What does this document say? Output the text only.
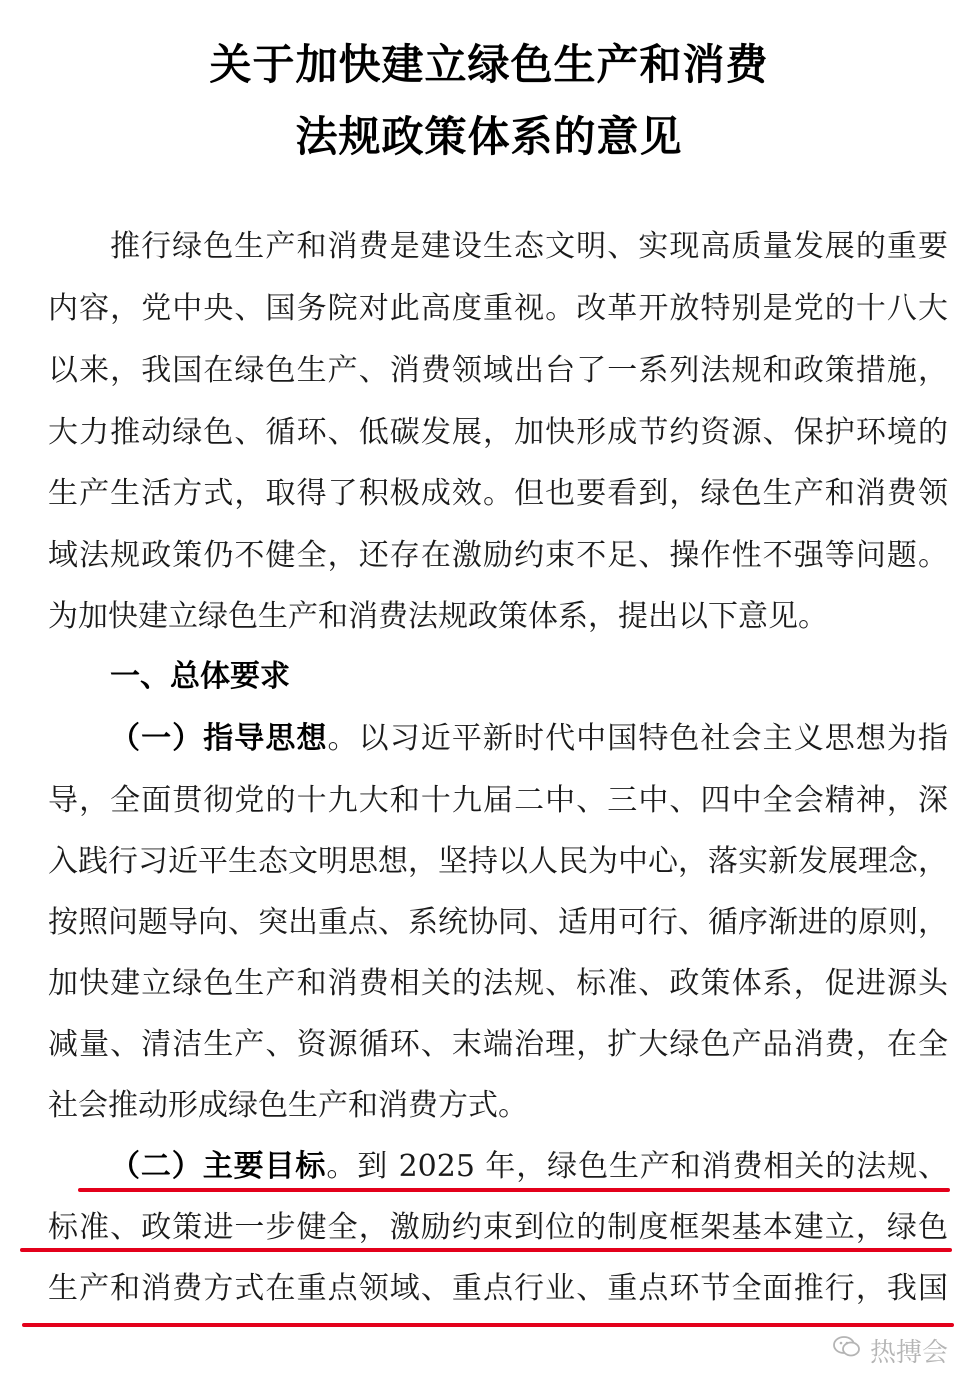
关于加快建立绿色生产和消费
法规政策体系的意见
推行绿色生产和消费是建设生态文明、实现高质量发展的重要
内容，党中央、国务院对此高度重视。改革开放特别是党的十八大
以来，我国在绿色生产、消费领域出台了一系列法规和政策措施，
大力推动绿色、循环、低碳发展，加快形成节约资源、保护环境的
生产生活方式，取得了积极成效。但也要看到，绿色生产和消费领
域法规政策仍不健全，还存在激励约束不足、操作性不强等问题。
为加快建立绿色生产和消费法规政策体系，提出以下意见。
一、总体要求
（一）指导思想。以习近平新时代中国特色社会主义思想为指
导，全面贯彻党的十九大和十九届二中、三中、四中全会精神，深
入践行习近平生态文明思想，坚持以人民为中心，落实新发展理念，
按照问题导向、突出重点、系统协同、适用可行、循序渐进的原则，
加快建立绿色生产和消费相关的法规、标准、政策体系，促进源头
减量、清洁生产、资源循环、末端治理，扩大绿色产品消费，在全
社会推动形成绿色生产和消费方式。
（二）主要目标。到 2025 年，绿色生产和消费相关的法规、
标准、政策进一步健全，激励约束到位的制度框架基本建立，绿色
生产和消费方式在重点领域、重点行业、重点环节全面推行，我国
热搏会
